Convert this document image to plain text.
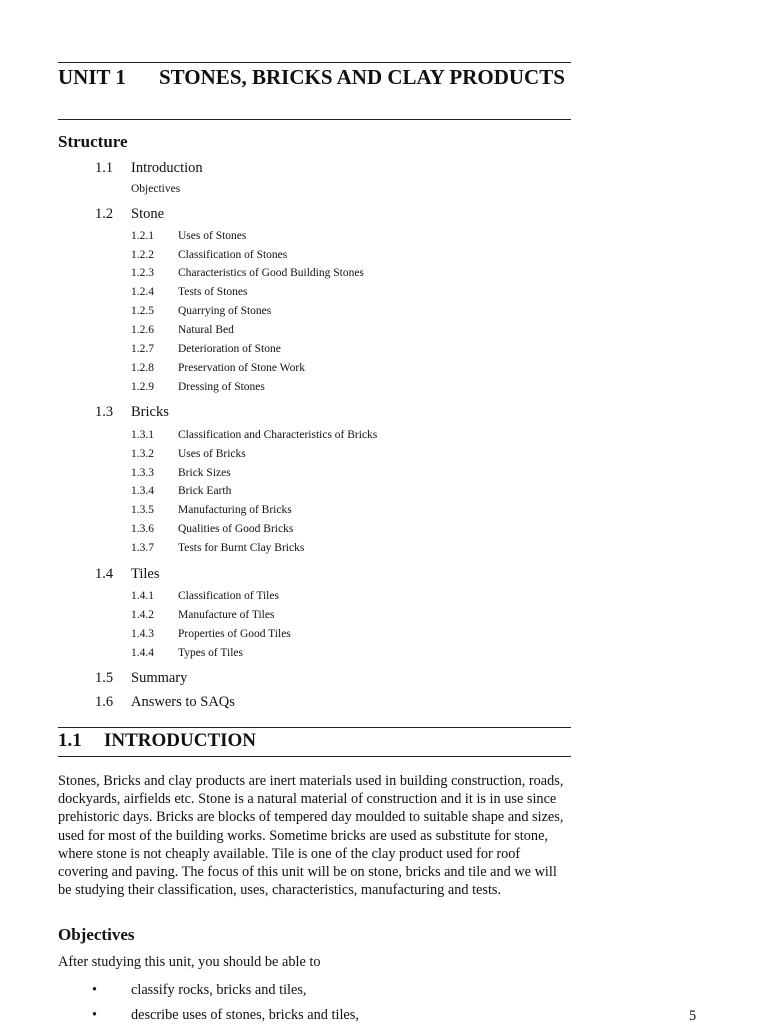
UNIT 1 STONES, BRICKS AND CLAY PRODUCTS
Structure
1.1 Introduction
Objectives
1.2 Stone
1.2.1 Uses of Stones
1.2.2 Classification of Stones
1.2.3 Characteristics of Good Building Stones
1.2.4 Tests of Stones
1.2.5 Quarrying of Stones
1.2.6 Natural Bed
1.2.7 Deterioration of Stone
1.2.8 Preservation of Stone Work
1.2.9 Dressing of Stones
1.3 Bricks
1.3.1 Classification and Characteristics of Bricks
1.3.2 Uses of Bricks
1.3.3 Brick Sizes
1.3.4 Brick Earth
1.3.5 Manufacturing of Bricks
1.3.6 Qualities of Good Bricks
1.3.7 Tests for Burnt Clay Bricks
1.4 Tiles
1.4.1 Classification of Tiles
1.4.2 Manufacture of Tiles
1.4.3 Properties of Good Tiles
1.4.4 Types of Tiles
1.5 Summary
1.6 Answers to SAQs
1.1 INTRODUCTION
Stones, Bricks and clay products are inert materials used in building construction, roads, dockyards, airfields etc. Stone is a natural material of construction and it is in use since prehistoric days. Bricks are blocks of tempered day moulded to suitable shape and sizes, used for most of the building works. Sometime bricks are used as substitute for stone, where stone is not cheaply available. Tile is one of the clay product used for roof covering and paving. The focus of this unit will be on stone, bricks and tile and we will be studying their classification, uses, characteristics, manufacturing and tests.
Objectives
After studying this unit, you should be able to
• classify rocks, bricks and tiles,
• describe uses of stones, bricks and tiles,	5
